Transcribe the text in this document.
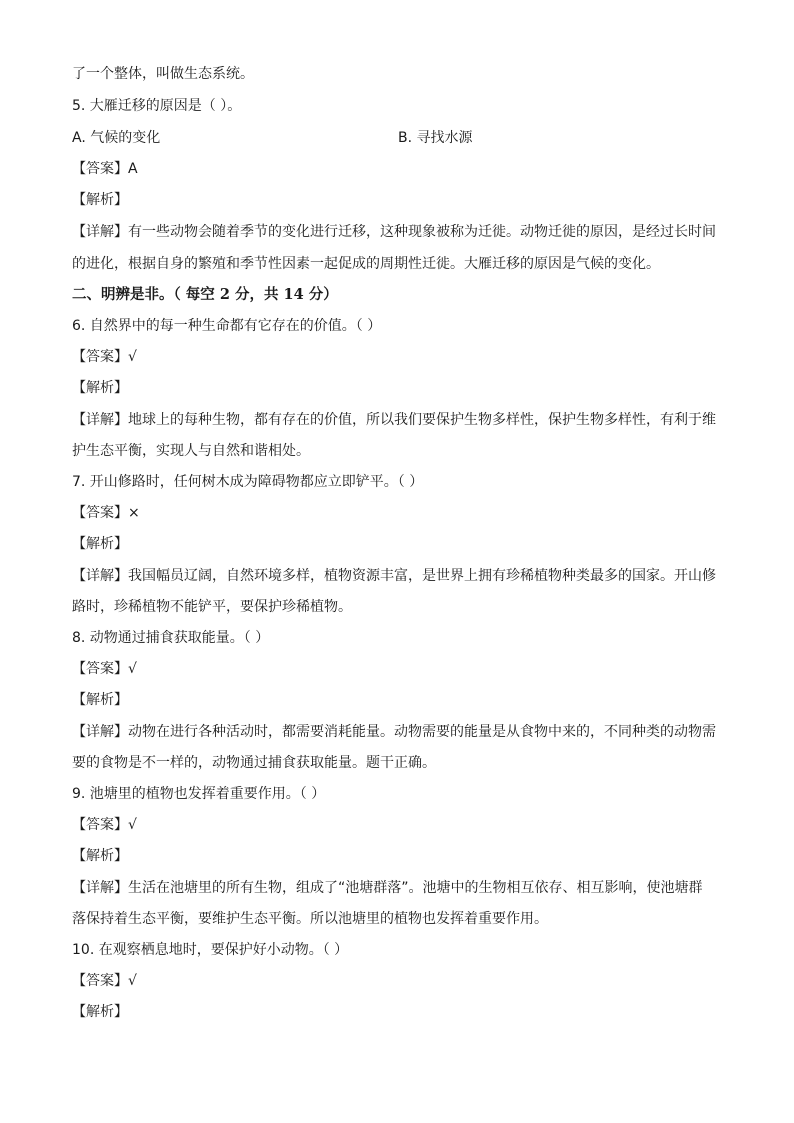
了一个整体，叫做生态系统。

5. 大雁迁移的原因是（ ）。

A. 气候的变化	B. 寻找水源

【答案】A

【解析】

【详解】有一些动物会随着季节的变化进行迁移，这种现象被称为迁徙。动物迁徙的原因，是经过长时间

的进化，根据自身的繁殖和季节性因素一起促成的周期性迁徙。大雁迁移的原因是气候的变化。

二、明辨是非。（ 每空 2 分，共 14 分）

6. 自然界中的每一种生命都有它存在的价值。（ ）

【答案】√

【解析】

【详解】地球上的每种生物，都有存在的价值，所以我们要保护生物多样性，保护生物多样性，有利于维

护生态平衡，实现人与自然和谐相处。

7. 开山修路时，任何树木成为障碍物都应立即铲平。（ ）

【答案】×

【解析】

【详解】我国幅员辽阔，自然环境多样，植物资源丰富，是世界上拥有珍稀植物种类最多的国家。开山修

路时，珍稀植物不能铲平，要保护珍稀植物。

8. 动物通过捕食获取能量。（ ）

【答案】√

【解析】

【详解】动物在进行各种活动时，都需要消耗能量。动物需要的能量是从食物中来的，不同种类的动物需

要的食物是不一样的，动物通过捕食获取能量。题干正确。

9. 池塘里的植物也发挥着重要作用。（ ）

【答案】√

【解析】

【详解】生活在池塘里的所有生物，组成了“池塘群落”。池塘中的生物相互依存、相互影响，使池塘群

落保持着生态平衡，要维护生态平衡。所以池塘里的植物也发挥着重要作用。

10. 在观察栖息地时，要保护好小动物。（ ）

【答案】√

【解析】
